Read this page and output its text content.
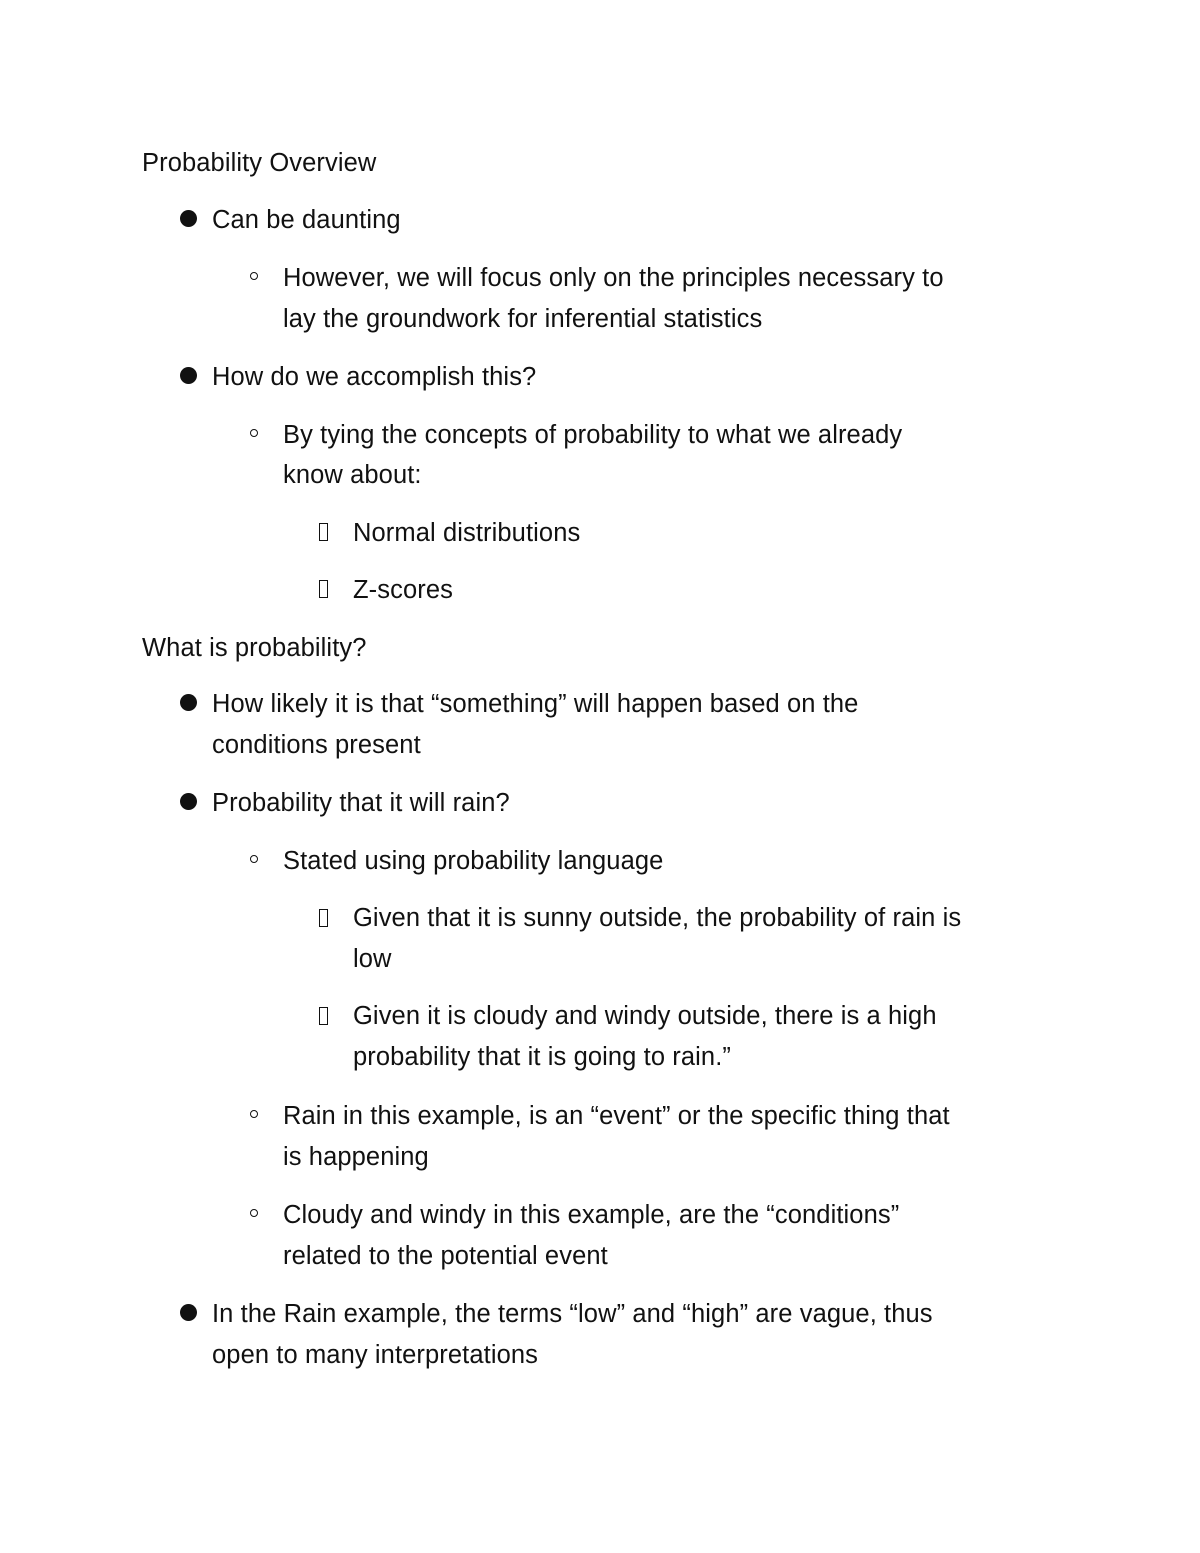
Probability Overview
Can be daunting
However, we will focus only on the principles necessary to
lay the groundwork for inferential statistics
How do we accomplish this?
By tying the concepts of probability to what we already
know about:
Normal distributions
Z-scores
What is probability?
How likely it is that “something” will happen based on the
conditions present
Probability that it will rain?
Stated using probability language
Given that it is sunny outside, the probability of rain is
low
Given it is cloudy and windy outside, there is a high
probability that it is going to rain.”
Rain in this example, is an “event” or the specific thing that
is happening
Cloudy and windy in this example, are the “conditions”
related to the potential event
In the Rain example, the terms “low” and “high” are vague, thus
open to many interpretations
